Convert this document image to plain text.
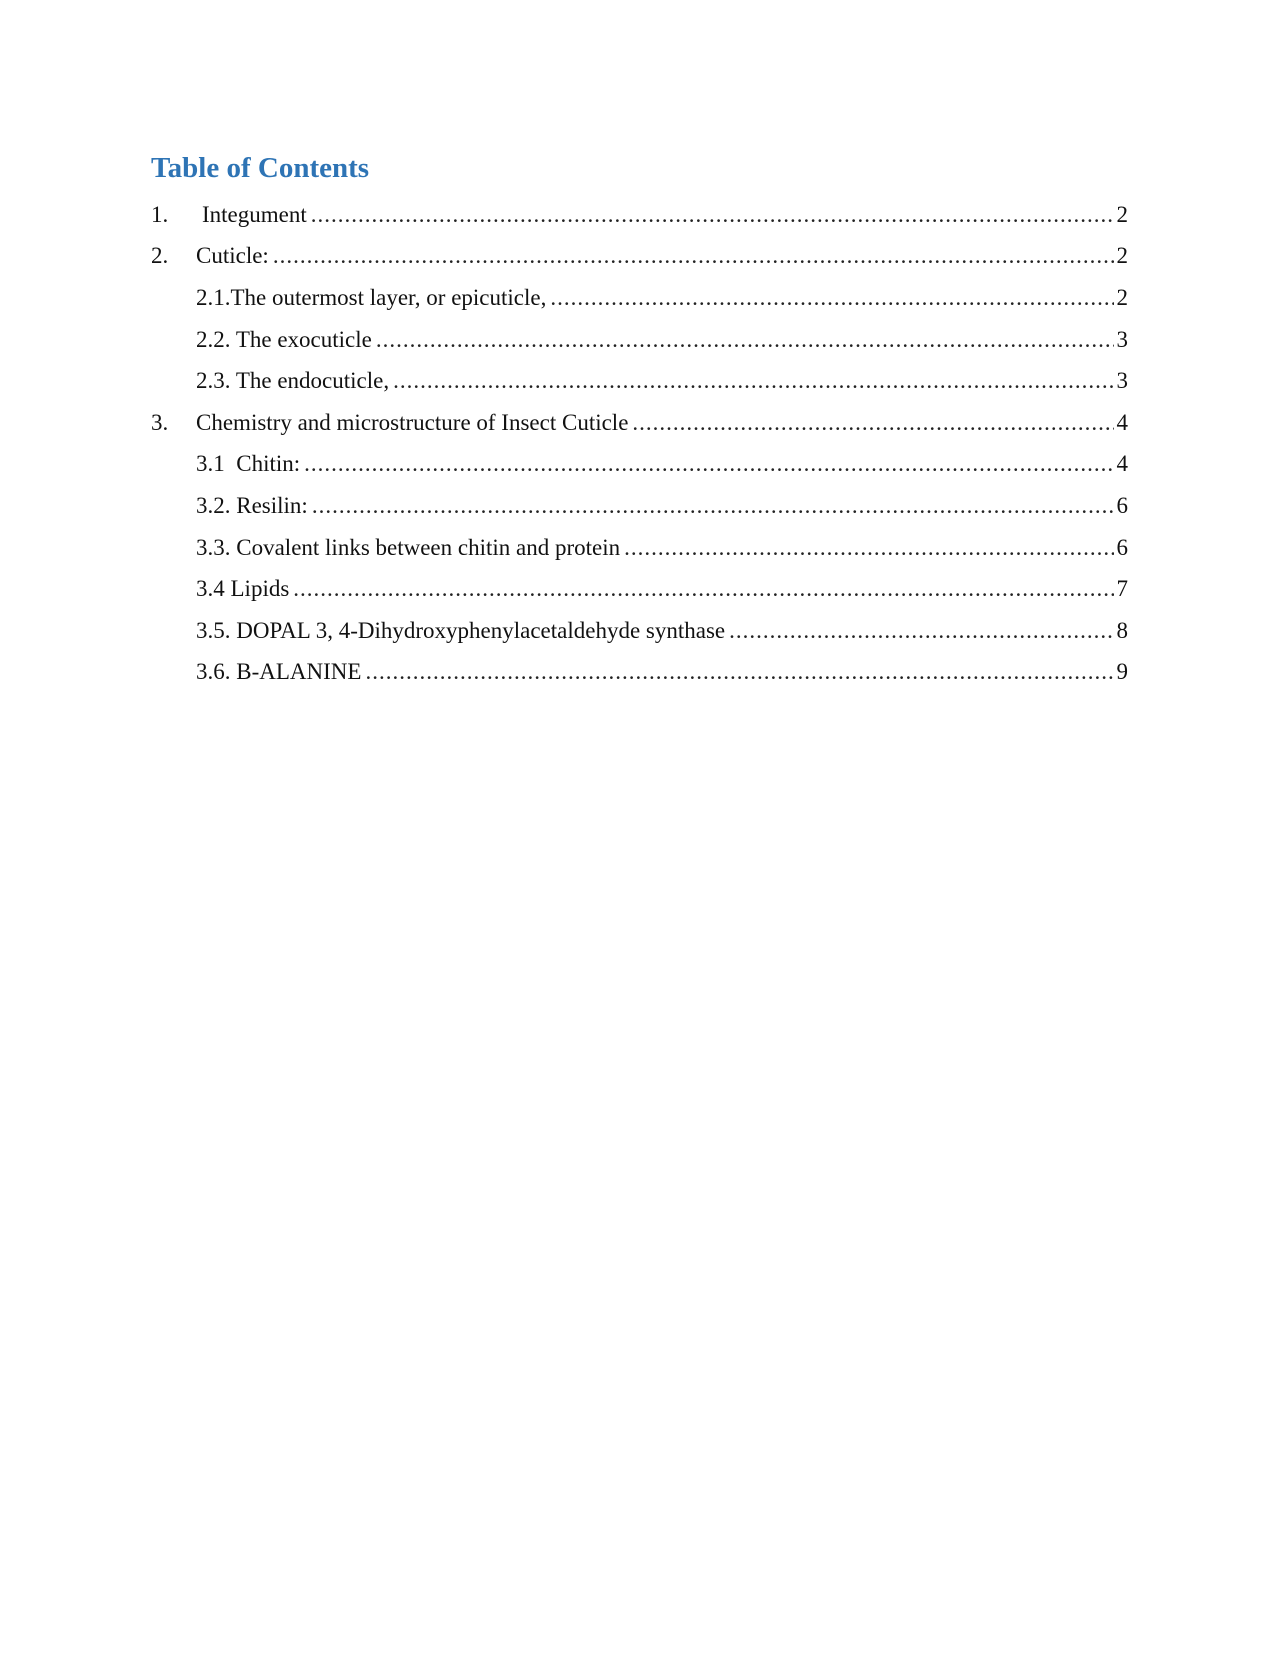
Table of Contents
1.	Integument .....	2
2.	Cuticle: .....	2
2.1.The outermost layer, or epicuticle, .....	2
2.2. The exocuticle .....	3
2.3. The endocuticle, .....	3
3.	Chemistry and microstructure of Insect Cuticle .....	4
3.1  Chitin: .....	4
3.2. Resilin: .....	6
3.3. Covalent links between chitin and protein .....	6
3.4 Lipids .....	7
3.5. DOPAL 3, 4-Dihydroxyphenylacetaldehyde synthase .....	8
3.6. B-ALANINE .....	9
